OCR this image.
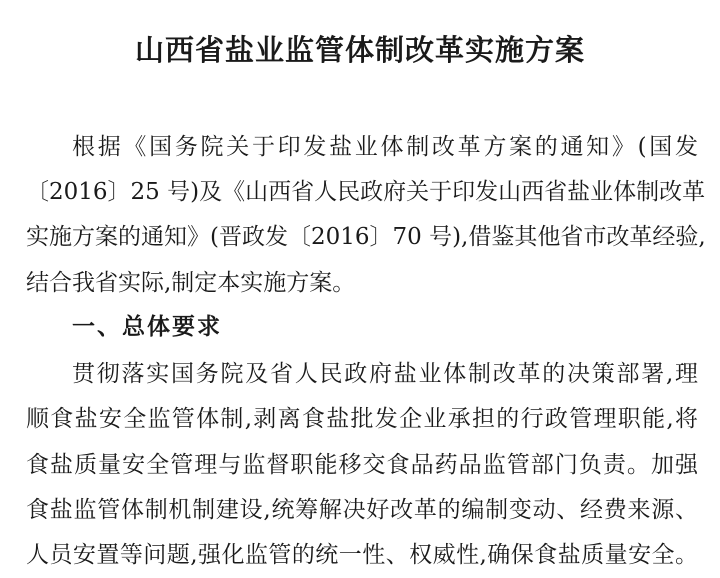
山西省盐业监管体制改革实施方案
根据《国务院关于印发盐业体制改革方案的通知》(国发
〔2016〕25 号)及《山西省人民政府关于印发山西省盐业体制改革
实施方案的通知》(晋政发〔2016〕70 号),借鉴其他省市改革经验,
结合我省实际,制定本实施方案。
一、总体要求
贯彻落实国务院及省人民政府盐业体制改革的决策部署,理
顺食盐安全监管体制,剥离食盐批发企业承担的行政管理职能,将
食盐质量安全管理与监督职能移交食品药品监管部门负责。加强
食盐监管体制机制建设,统筹解决好改革的编制变动、经费来源、
人员安置等问题,强化监管的统一性、权威性,确保食盐质量安全。
